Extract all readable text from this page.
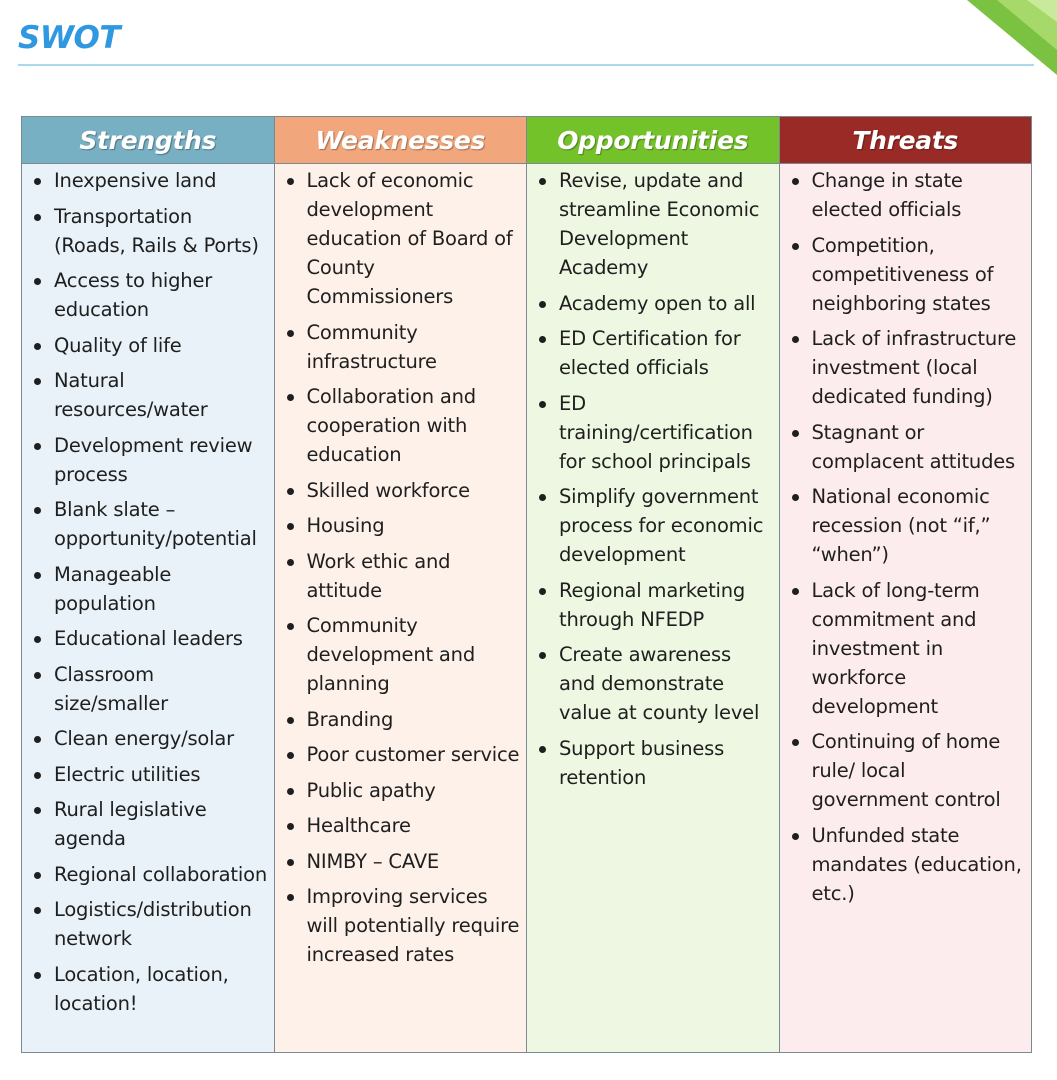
SWOT
Strengths
Inexpensive land
Transportation (Roads, Rails & Ports)
Access to higher education
Quality of life
Natural resources/water
Development review process
Blank slate – opportunity/potential
Manageable population
Educational leaders
Classroom size/smaller
Clean energy/solar
Electric utilities
Rural legislative agenda
Regional collaboration
Logistics/distribution network
Location, location, location!
Weaknesses
Lack of economic development education of Board of County Commissioners
Community infrastructure
Collaboration and cooperation with education
Skilled workforce
Housing
Work ethic and attitude
Community development and planning
Branding
Poor customer service
Public apathy
Healthcare
NIMBY – CAVE
Improving services will potentially require increased rates
Opportunities
Revise, update and streamline Economic Development Academy
Academy open to all
ED Certification for elected officials
ED training/certification for school principals
Simplify government process for economic development
Regional marketing through NFEDP
Create awareness and demonstrate value at county level
Support business retention
Threats
Change in state elected officials
Competition, competitiveness of neighboring states
Lack of infrastructure investment (local dedicated funding)
Stagnant or complacent attitudes
National economic recession (not “if,” “when”)
Lack of long-term commitment and investment in workforce development
Continuing of home rule/ local government control
Unfunded state mandates (education, etc.)
